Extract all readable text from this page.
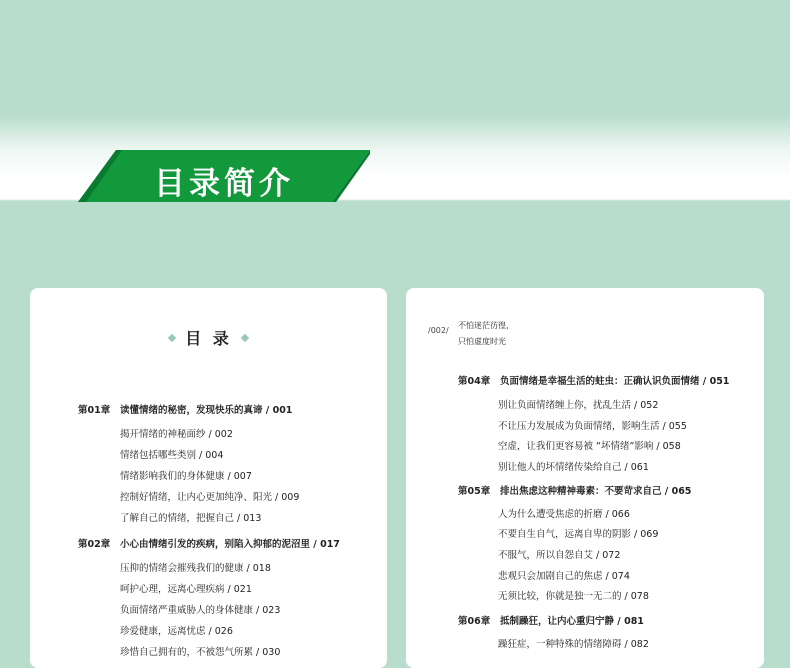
目录简介
目 录
第01章 读懂情绪的秘密，发现快乐的真谛 / 001
揭开情绪的神秘面纱 / 002
情绪包括哪些类别 / 004
情绪影响我们的身体健康 / 007
控制好情绪，让内心更加纯净、阳光 / 009
了解自己的情绪，把握自己 / 013
第02章 小心由情绪引发的疾病，别陷入抑郁的泥沼里 / 017
压抑的情绪会摧残我们的健康 / 018
呵护心理，远离心理疾病 / 021
负面情绪严重威胁人的身体健康 / 023
珍爱健康，远离忧虑 / 026
珍惜自己拥有的，不被怨气所累 / 030
/002/
不怕迷茫彷徨，
只怕虚度时光
第04章 负面情绪是幸福生活的蛀虫：正确认识负面情绪 / 051
别让负面情绪缠上你，扰乱生活 / 052
不让压力发展成为负面情绪，影响生活 / 055
空虚，让我们更容易被 “坏情绪”影响 / 058
别让他人的坏情绪传染给自己 / 061
第05章 排出焦虑这种精神毒素：不要苛求自己 / 065
人为什么遭受焦虑的折磨 / 066
不要自生自气，远离自卑的阴影 / 069
不服气，所以自怨自艾 / 072
悲观只会加剧自己的焦虑 / 074
无须比较，你就是独一无二的 / 078
第06章 抵制躁狂，让内心重归宁静 / 081
躁狂症，一种特殊的情绪障碍 / 082
